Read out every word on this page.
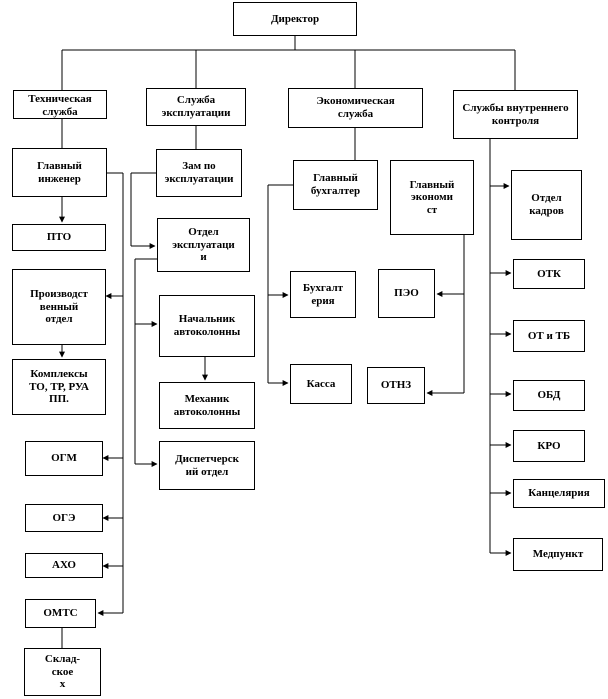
Директор
Техническая
служба
Служба
эксплуатации
Экономическая
служба
Службы внутреннего
контроля
Главный
инженер
ПТО
Производст
венный
отдел
Комплексы
ТО, ТР, РУА
ПП.
ОГМ
ОГЭ
АХО
ОМТС
Склад-
ское
х
Зам по
эксплуатации
Отдел
эксплуатаци
и
Начальник
автоколонны
Механик
автоколонны
Диспетчерск
ий отдел
Главный
бухгалтер
Главный
экономи
ст
Бухгалт
ерия
ПЭО
Касса	ОТНЗ
Отдел
кадров
ОТК
ОТ и ТБ
ОБД
КРО
Канцелярия
Медпункт
